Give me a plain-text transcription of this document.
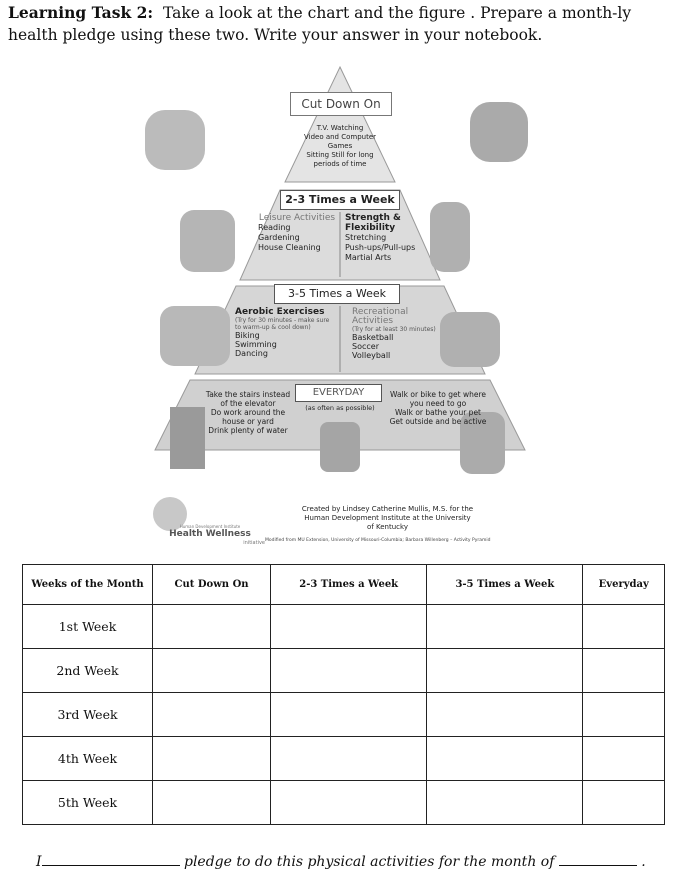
Learning Task 2: Take a look at the chart and the figure . Prepare a month-ly health pledge using these two. Write your answer in your notebook.
Cut Down On
T.V. Watching
Video and Computer Games
Sitting Still for long periods of time
2-3 Times a Week
Leisure Activities
Reading
Gardening
House Cleaning
Strength & Flexibility
Stretching
Push-ups/Pull-ups
Martial Arts
3-5 Times a Week
Aerobic Exercises
(Try for 30 minutes - make sure to warm-up & cool down)
Biking
Swimming
Dancing
Recreational Activities
(Try for at least 30 minutes)
Basketball
Soccer
Volleyball
EVERYDAY
(as often as possible)
Take the stairs instead of the elevator
Do work around the house or yard
Drink plenty of water
Walk or bike to get where you need to go
Walk or bathe your pet
Get outside and be active
Created by Lindsey Catherine Mullis, M.S. for the Human Development Institute at the University of Kentucky
Human Development Institute
Health Wellness
initiative Modified from MU Extension, University of Missouri-Columbia; Barbara Willenberg – Activity Pyramid
Weeks of the Month	Cut Down On	2-3 Times a Week	3-5 Times a Week	Everyday
1st Week				
2nd Week				
3rd Week				
4th Week				
5th Week				
I	pledge to do this physical activities for the month of	.
